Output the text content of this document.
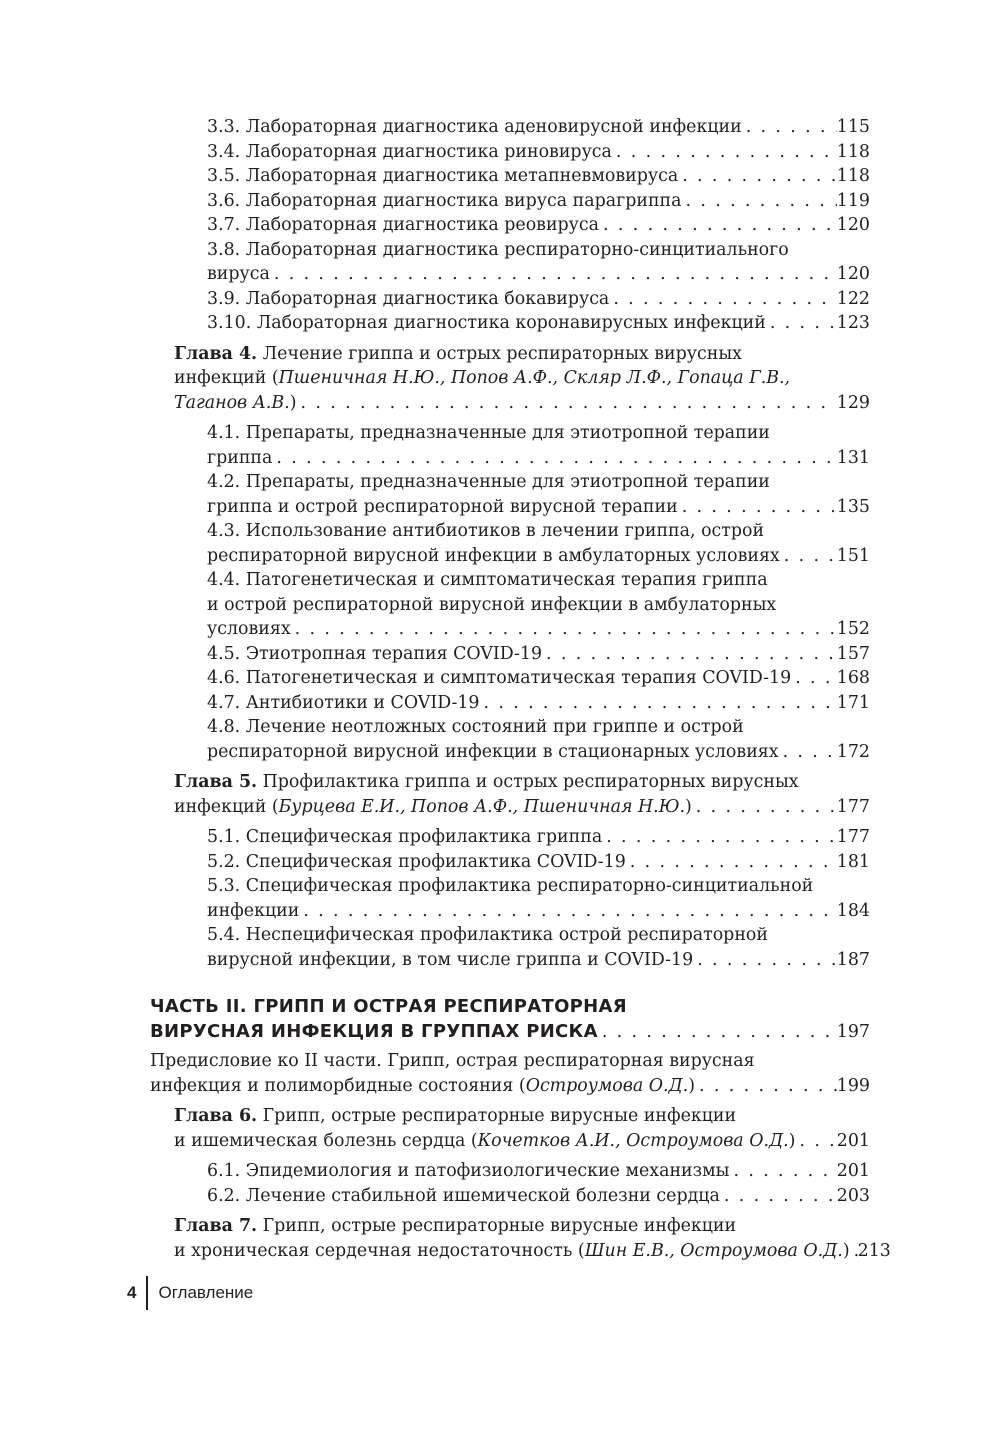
3.3. Лабораторная диагностика аденовирусной инфекции . . .	115
3.4. Лабораторная диагностика риновируса . . .	118
3.5. Лабораторная диагностика метапневмовируса . . .	118
3.6. Лабораторная диагностика вируса парагриппа . . .	119
3.7. Лабораторная диагностика реовируса . . .	120
3.8. Лабораторная диагностика респираторно-синцитиального
вируса . . .	120
3.9. Лабораторная диагностика бокавируса . . .	122
3.10. Лабораторная диагностика коронавирусных инфекций . . .	123
Глава 4. Лечение гриппа и острых респираторных вирусных
инфекций (Пшеничная Н.Ю., Попов А.Ф., Скляр Л.Ф., Гопаца Г.В.,
Таганов А.В.) . . .	129
4.1. Препараты, предназначенные для этиотропной терапии
гриппа . . .	131
4.2. Препараты, предназначенные для этиотропной терапии
гриппа и острой респираторной вирусной терапии . . .	135
4.3. Использование антибиотиков в лечении гриппа, острой
респираторной вирусной инфекции в амбулаторных условиях . . .	151
4.4. Патогенетическая и симптоматическая терапия гриппа
и острой респираторной вирусной инфекции в амбулаторных
условиях . . .	152
4.5. Этиотропная терапия COVID-19 . . .	157
4.6. Патогенетическая и симптоматическая терапия COVID-19 . . .	168
4.7. Антибиотики и COVID-19 . . .	171
4.8. Лечение неотложных состояний при гриппе и острой
респираторной вирусной инфекции в стационарных условиях . . .	172
Глава 5. Профилактика гриппа и острых респираторных вирусных
инфекций (Бурцева Е.И., Попов А.Ф., Пшеничная Н.Ю.) . . .	177
5.1. Специфическая профилактика гриппа . . .	177
5.2. Специфическая профилактика COVID-19 . . .	181
5.3. Специфическая профилактика респираторно-синцитиальной
инфекции . . .	184
5.4. Неспецифическая профилактика острой респираторной
вирусной инфекции, в том числе гриппа и COVID-19 . . .	187
ЧАСТЬ II. ГРИПП И ОСТРАЯ РЕСПИРАТОРНАЯ
ВИРУСНАЯ ИНФЕКЦИЯ В ГРУППАХ РИСКА . . .	197
Предисловие ко II части. Грипп, острая респираторная вирусная
инфекция и полиморбидные состояния (Остроумова О.Д.) . . .	199
Глава 6. Грипп, острые респираторные вирусные инфекции
и ишемическая болезнь сердца (Кочетков А.И., Остроумова О.Д.) . . . 201
6.1. Эпидемиология и патофизиологические механизмы . . .	201
6.2. Лечение стабильной ишемической болезни сердца . . .	203
Глава 7. Грипп, острые респираторные вирусные инфекции
и хроническая сердечная недостаточность (Шин Е.В., Остроумова О.Д.) . . . 213
4 Оглавление
